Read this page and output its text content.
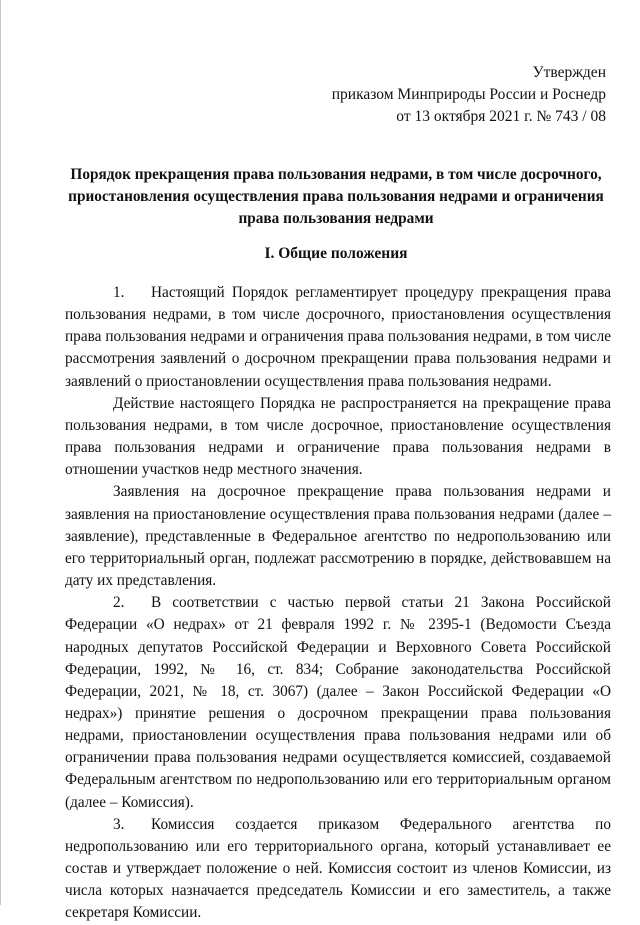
Утвержден
приказом Минприроды России и Роснедр
от 13 октября 2021 г. № 743 / 08
Порядок прекращения права пользования недрами, в том числе досрочного,
приостановления осуществления права пользования недрами и ограничения
права пользования недрами
I. Общие положения

1. Настоящий Порядок регламентирует процедуру прекращения права пользования недрами, в том числе досрочного, приостановления осуществления права пользования недрами и ограничения права пользования недрами, в том числе рассмотрения заявлений о досрочном прекращении права пользования недрами и заявлений о приостановлении осуществления права пользования недрами.

Действие настоящего Порядка не распространяется на прекращение права пользования недрами, в том числе досрочное, приостановление осуществления права пользования недрами и ограничение права пользования недрами в отношении участков недр местного значения.

Заявления на досрочное прекращение права пользования недрами и заявления на приостановление осуществления права пользования недрами (далее – заявление), представленные в Федеральное агентство по недропользованию или его территориальный орган, подлежат рассмотрению в порядке, действовавшем на дату их представления.

2. В соответствии с частью первой статьи 21 Закона Российской Федерации «О недрах» от 21 февраля 1992 г. № 2395-1 (Ведомости Съезда народных депутатов Российской Федерации и Верховного Совета Российской Федерации, 1992, № 16, ст. 834; Собрание законодательства Российской Федерации, 2021, № 18, ст. 3067) (далее – Закон Российской Федерации «О недрах») принятие решения о досрочном прекращении права пользования недрами, приостановлении осуществления права пользования недрами или об ограничении права пользования недрами осуществляется комиссией, создаваемой Федеральным агентством по недропользованию или его территориальным органом (далее – Комиссия).

3. Комиссия создается приказом Федерального агентства по недропользованию или его территориального органа, который устанавливает ее состав и утверждает положение о ней. Комиссия состоит из членов Комиссии, из числа которых назначается председатель Комиссии и его заместитель, а также секретаря Комиссии.
